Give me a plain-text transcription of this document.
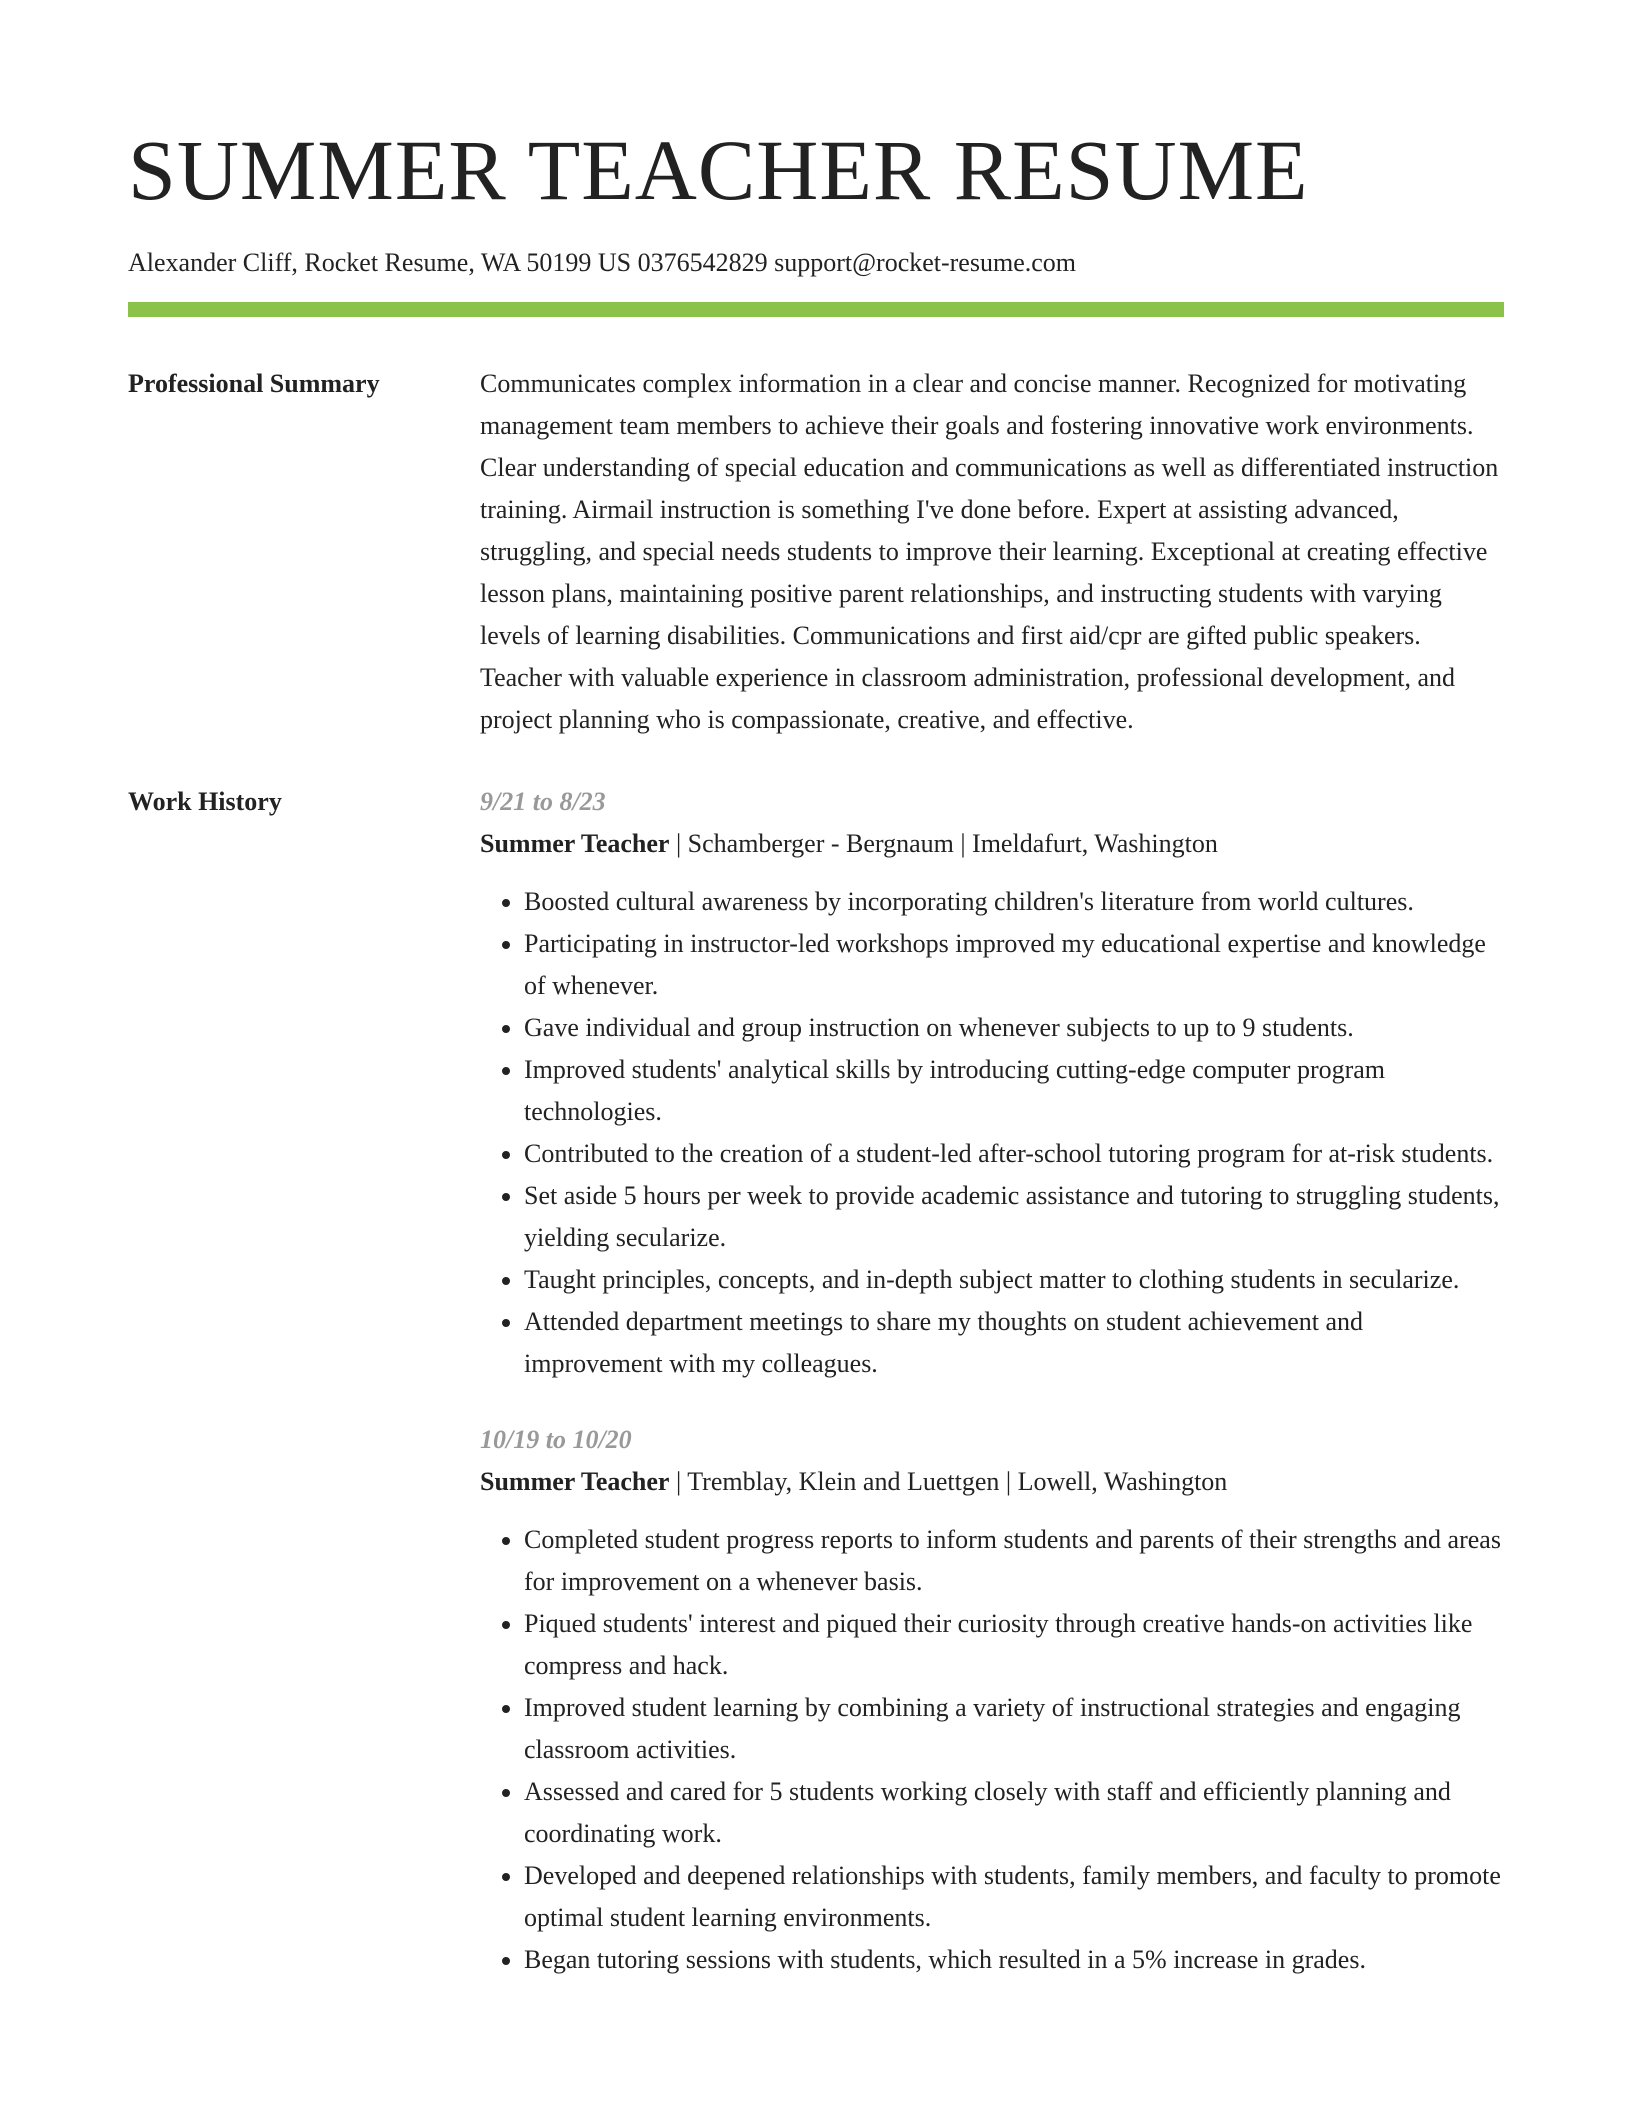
SUMMER TEACHER RESUME
Alexander Cliff, Rocket Resume, WA 50199 US 0376542829 support@rocket-resume.com
Professional Summary	Communicates complex information in a clear and concise manner. Recognized for motivating management team members to achieve their goals and fostering innovative work environments. Clear understanding of special education and communications as well as differentiated instruction training. Airmail instruction is something I've done before. Expert at assisting advanced, struggling, and special needs students to improve their learning. Exceptional at creating effective lesson plans, maintaining positive parent relationships, and instructing students with varying levels of learning disabilities. Communications and first aid/cpr are gifted public speakers. Teacher with valuable experience in classroom administration, professional development, and project planning who is compassionate, creative, and effective.

Work History	9/21 to 8/23
Summer Teacher | Schamberger - Bergnaum | Imeldafurt, Washington
• Boosted cultural awareness by incorporating children's literature from world cultures.
• Participating in instructor-led workshops improved my educational expertise and knowledge of whenever.
• Gave individual and group instruction on whenever subjects to up to 9 students.
• Improved students' analytical skills by introducing cutting-edge computer program technologies.
• Contributed to the creation of a student-led after-school tutoring program for at-risk students.
• Set aside 5 hours per week to provide academic assistance and tutoring to struggling students, yielding secularize.
• Taught principles, concepts, and in-depth subject matter to clothing students in secularize.
• Attended department meetings to share my thoughts on student achievement and improvement with my colleagues.
10/19 to 10/20
Summer Teacher | Tremblay, Klein and Luettgen | Lowell, Washington
• Completed student progress reports to inform students and parents of their strengths and areas for improvement on a whenever basis.
• Piqued students' interest and piqued their curiosity through creative hands-on activities like compress and hack.
• Improved student learning by combining a variety of instructional strategies and engaging classroom activities.
• Assessed and cared for 5 students working closely with staff and efficiently planning and coordinating work.
• Developed and deepened relationships with students, family members, and faculty to promote optimal student learning environments.
• Began tutoring sessions with students, which resulted in a 5% increase in grades.
